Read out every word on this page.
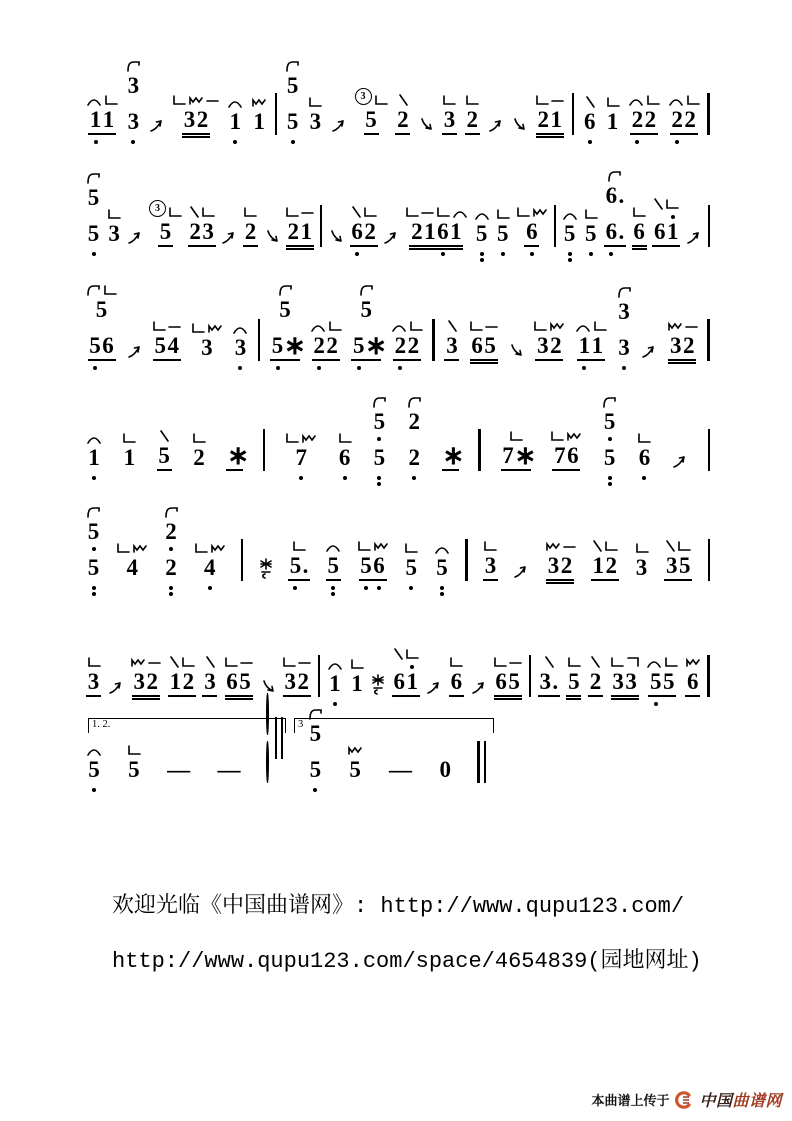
1 1
3
3 3 2 1 1
5
5 3
3
5 2 3 2	2 1 6 1 2 2 2 2
5
5 3
3
5 2 3 2 2 1 6 2 2 1 6 1 5 5 6 5 5
6 .
6 . 6 6 1
5
5 6 5 4 3 3
5
5 ∗ 2 2
5
5 ∗ 2 2 3 6 5 3 2 1 1
3
3 3 2
1 1 5 2 ∗ 7 6
5
5
2
2 ∗ 7 ∗ 7 6
5
5 6
5
5 4
2
2 4	5 . 5 5 6 5 5 3 3 2 1 2 3 3 5
3 3 2 1 2 3 6 5 3 2 1 1 6 1 6 6 5 3 . 5 2 3 3 5 5 6
5 5 — —
5
5 5 — 0
1. 2.	3
欢迎光临《中国曲谱网》: http://www.qupu123.com/
http://www.qupu123.com/space/4654839(园地网址)
本曲谱上传于 中国曲谱网
